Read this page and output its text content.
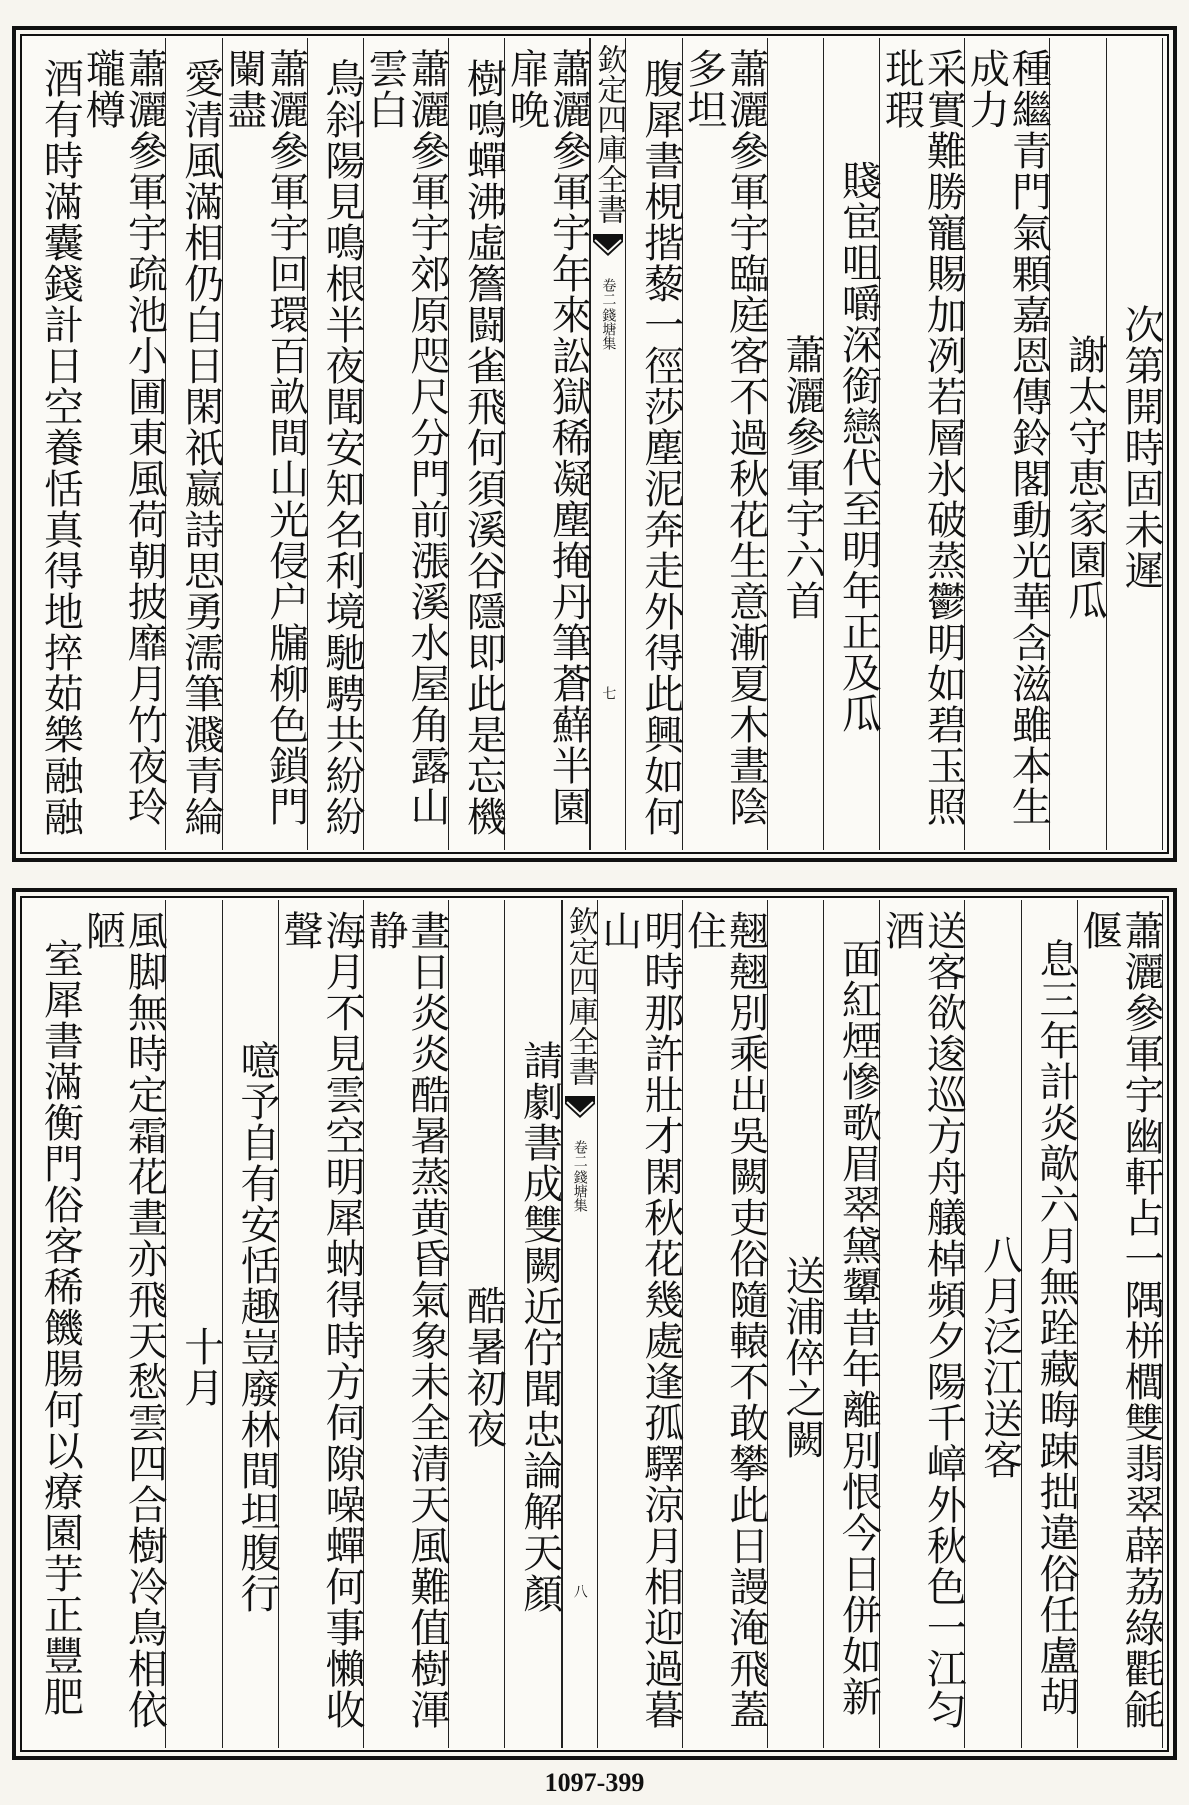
次第開時固未遲
謝太守恵家園瓜
種繼青門氣顆嘉恩傳鈴閣動光華含滋雖本生成力
采實難勝寵賜加冽若層氷破蒸鬱明如碧玉照玭瑕
賤宦咀嚼深銜戀代至明年正及瓜
蕭灑參軍宇六首
蕭灑參軍宇臨庭客不過秋花生意漸夏木晝陰多坦
腹犀書梘揩藜一徑莎塵泥奔走外得此興如何
欽定四庫全書
錢塘集
卷二
七
蕭灑參軍宇年來訟獄稀凝塵掩丹筆蒼蘚半園扉晚
樹鳴蟬沸虛簷闘雀飛何須溪谷隱即此是忘機
蕭灑參軍宇郊原咫尺分門前漲溪水屋角露山雲白
鳥斜陽見鳴根半夜聞安知名利境馳騁共紛紛
蕭灑參軍宇回環百畝間山光侵户牖柳色鎖門闌盡
愛清風滿相仍白日閑祇嬴詩思勇濡筆濺青綸
蕭灑參軍宇疏池小圃東風荷朝披靡月竹夜玲瓏樽
酒有時滿囊錢計日空養恬真得地捽茹樂融融
蕭灑參軍宇幽軒占一隅栟櫚雙翡翠薜荔綠氍毹偃
息三年計炎歊六月無跧藏晦踈拙違俗任盧胡
八月泛江送客
送客欲逡巡方舟艤棹頻夕陽千嶂外秋色一江匀酒
面紅煙慘歌眉翠黛顰昔年離別恨今日併如新
送浦倅之闕
翹翹別乘出吳闕吏俗隨轅不敢攀此日謾淹飛蓋住
明時那許壯才閑秋花幾處逢孤驛涼月相迎過暮山
欽定四庫全書
錢塘集
卷二
八
請劇書成雙闕近佇聞忠論解天顏
酷暑初夜
晝日炎炎酷暑蒸黄昏氣象未全清天風難值樹渾静
海月不見雲空明犀蚋得時方伺隙噪蟬何事懶收聲
噫予自有安恬趣豈廢林間坦腹行
十月
風脚無時定霜花晝亦飛天愁雲四合樹冷鳥相依陋
室犀書滿衡門俗客稀饑腸何以療園芋正豐肥
1097-399
